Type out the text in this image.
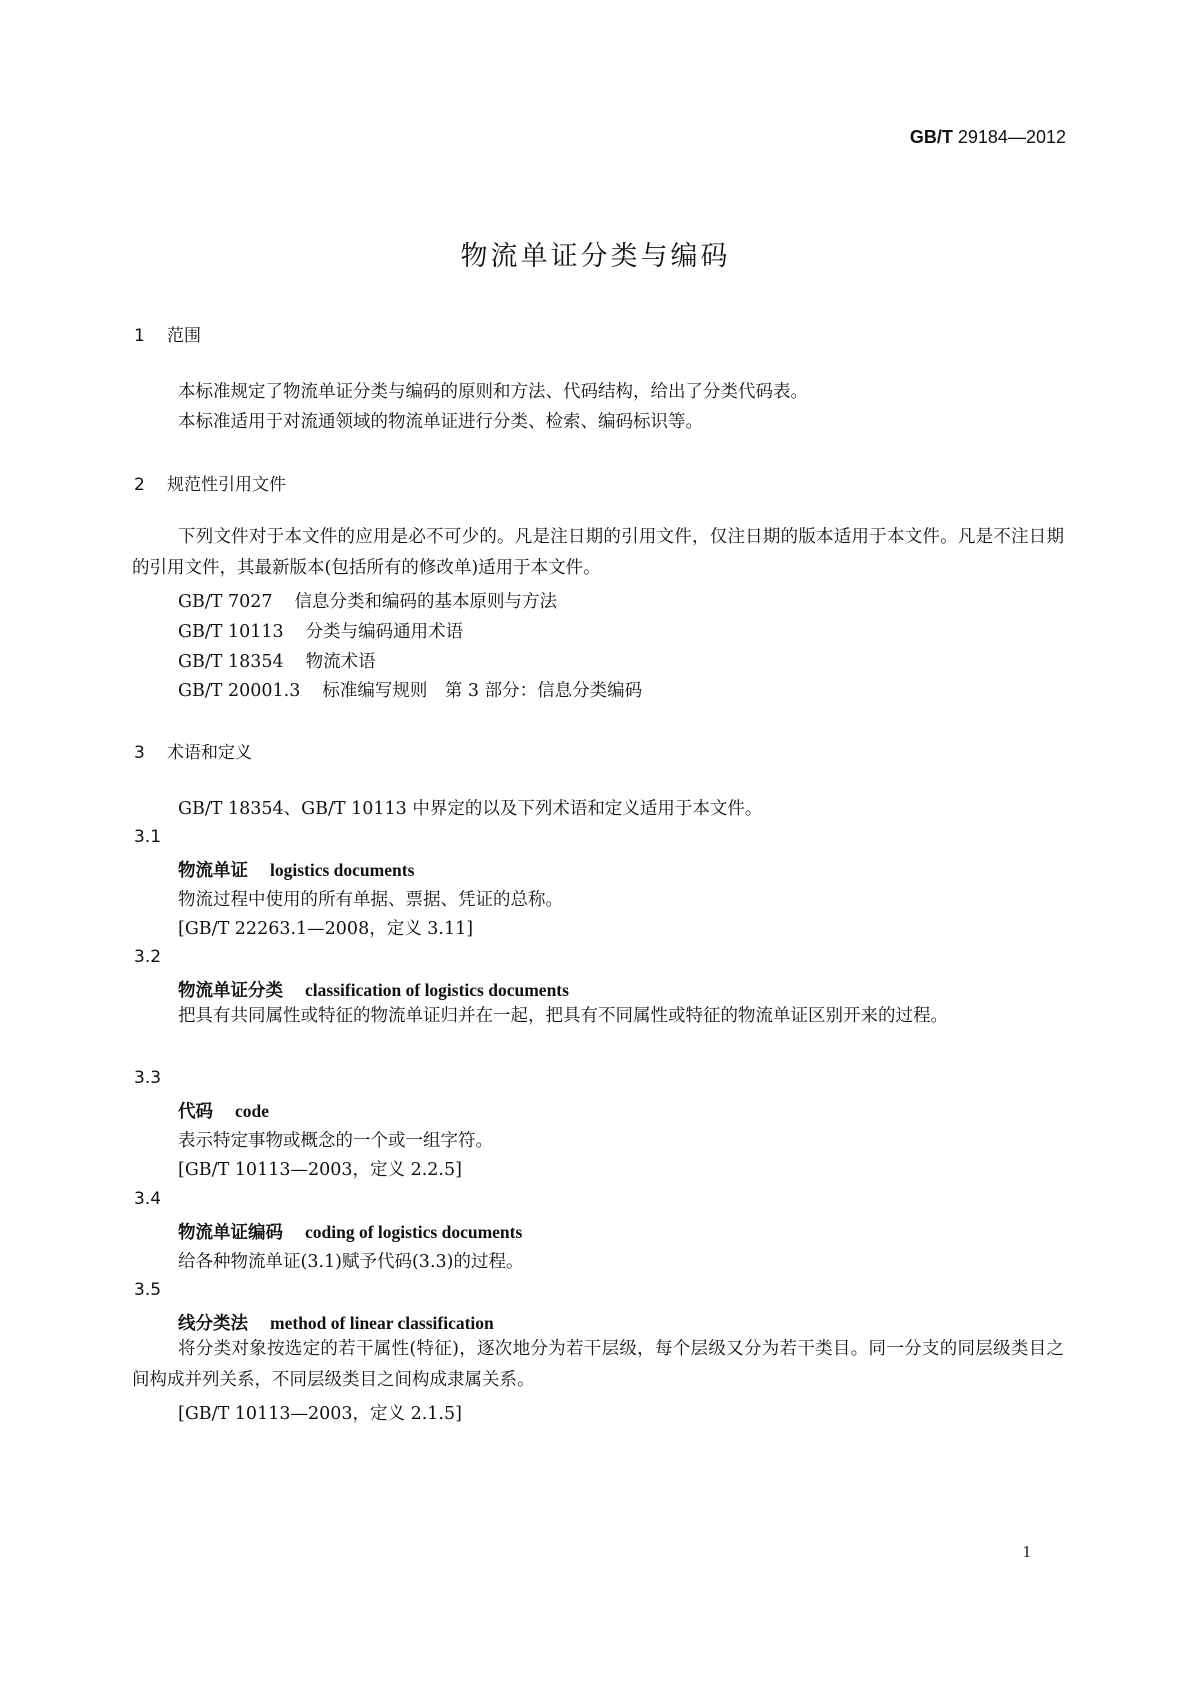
GB/T 29184—2012
物流单证分类与编码
1 范围
本标准规定了物流单证分类与编码的原则和方法、代码结构，给出了分类代码表。
本标准适用于对流通领域的物流单证进行分类、检索、编码标识等。
2 规范性引用文件
下列文件对于本文件的应用是必不可少的。凡是注日期的引用文件，仅注日期的版本适用于本文件。凡是不注日期的引用文件，其最新版本(包括所有的修改单)适用于本文件。
GB/T 7027 信息分类和编码的基本原则与方法
GB/T 10113 分类与编码通用术语
GB/T 18354 物流术语
GB/T 20001.3 标准编写规则　第 3 部分：信息分类编码
3 术语和定义
GB/T 18354、GB/T 10113 中界定的以及下列术语和定义适用于本文件。
3.1
物流单证 logistics documents
物流过程中使用的所有单据、票据、凭证的总称。
[GB/T 22263.1—2008，定义 3.11]
3.2
物流单证分类 classification of logistics documents
把具有共同属性或特征的物流单证归并在一起，把具有不同属性或特征的物流单证区别开来的过程。
3.3
代码 code
表示特定事物或概念的一个或一组字符。
[GB/T 10113—2003，定义 2.2.5]
3.4
物流单证编码 coding of logistics documents
给各种物流单证(3.1)赋予代码(3.3)的过程。
3.5
线分类法 method of linear classification
将分类对象按选定的若干属性(特征)，逐次地分为若干层级，每个层级又分为若干类目。同一分支的同层级类目之间构成并列关系，不同层级类目之间构成隶属关系。
[GB/T 10113—2003，定义 2.1.5]
1
